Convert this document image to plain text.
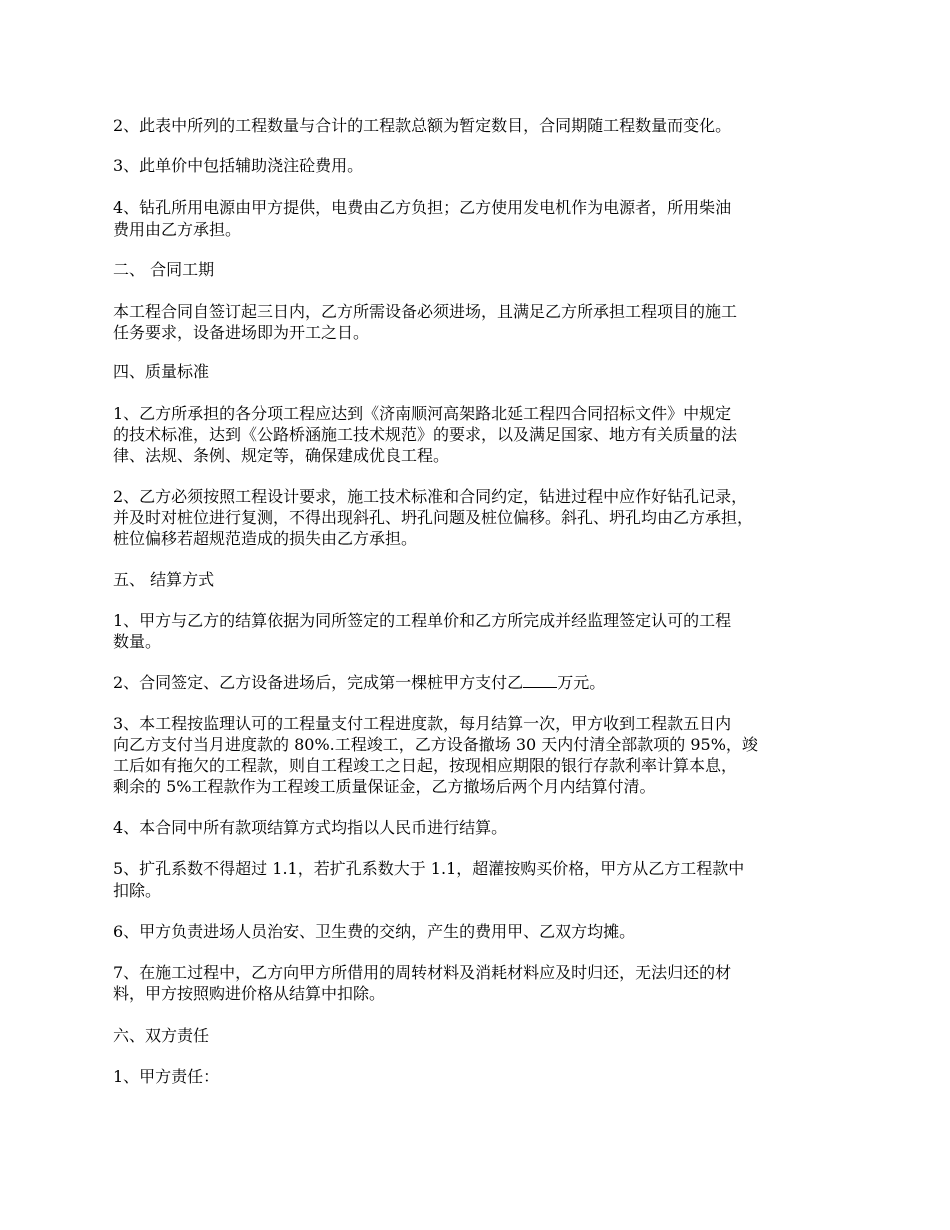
2、此表中所列的工程数量与合计的工程款总额为暂定数目，合同期随工程数量而变化。
3、此单价中包括辅助浇注砼费用。
4、钻孔所用电源由甲方提供，电费由乙方负担；乙方使用发电机作为电源者，所用柴油
费用由乙方承担。
二、 合同工期
本工程合同自签订起三日内，乙方所需设备必须进场，且满足乙方所承担工程项目的施工
任务要求，设备进场即为开工之日。
四、质量标准
1、乙方所承担的各分项工程应达到《济南顺河高架路北延工程四合同招标文件》中规定
的技术标准，达到《公路桥涵施工技术规范》的要求，以及满足国家、地方有关质量的法
律、法规、条例、规定等，确保建成优良工程。
2、乙方必须按照工程设计要求，施工技术标准和合同约定，钻进过程中应作好钻孔记录，
并及时对桩位进行复测，不得出现斜孔、坍孔问题及桩位偏移。斜孔、坍孔均由乙方承担，
桩位偏移若超规范造成的损失由乙方承担。
五、 结算方式
1、甲方与乙方的结算依据为同所签定的工程单价和乙方所完成并经监理签定认可的工程
数量。
2、合同签定、乙方设备进场后，完成第一棵桩甲方支付乙 万元。
3、本工程按监理认可的工程量支付工程进度款，每月结算一次，甲方收到工程款五日内
向乙方支付当月进度款的 80%.工程竣工，乙方设备撤场 30 天内付清全部款项的 95%，竣
工后如有拖欠的工程款，则自工程竣工之日起，按现相应期限的银行存款利率计算本息，
剩余的 5%工程款作为工程竣工质量保证金，乙方撤场后两个月内结算付清。
4、本合同中所有款项结算方式均指以人民币进行结算。
5、扩孔系数不得超过 1.1，若扩孔系数大于 1.1，超灌按购买价格，甲方从乙方工程款中
扣除。
6、甲方负责进场人员治安、卫生费的交纳，产生的费用甲、乙双方均摊。
7、在施工过程中，乙方向甲方所借用的周转材料及消耗材料应及时归还，无法归还的材
料，甲方按照购进价格从结算中扣除。
六、双方责任
1、甲方责任：
